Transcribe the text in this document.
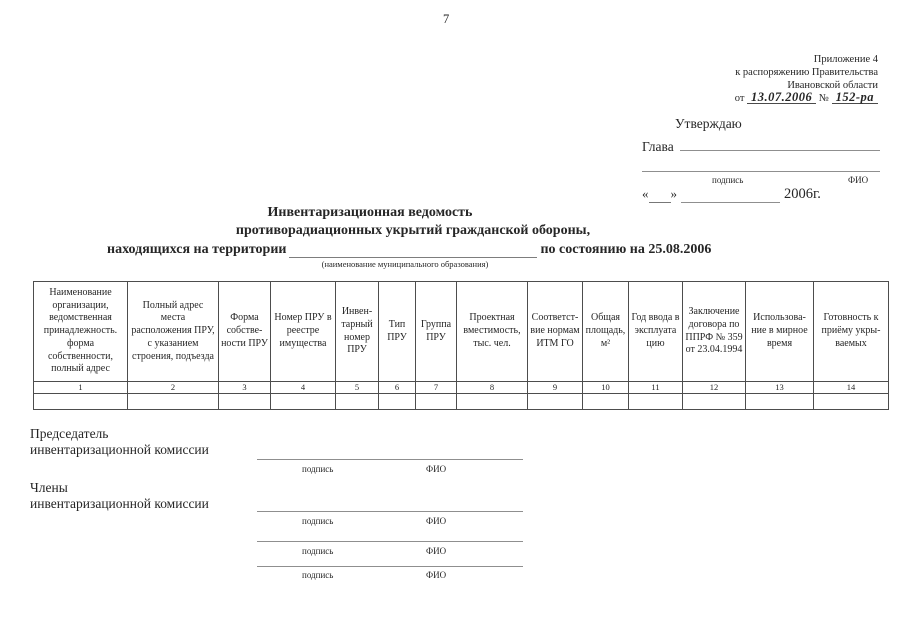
7
Приложение 4
к распоряжению Правительства
Ивановской области
от 13.07.2006 № 152-ра
Утверждаю
Глава
подпись	ФИО
« »	2006г.
Инвентаризационная ведомость
противорадиационных укрытий гражданской обороны,
находящихся на территории	по состоянию на 25.08.2006
(наименование муниципального образования)
Наименование организации, ведомственная принадлежность. форма собственности, полный адрес	Полный адрес места расположения ПРУ, с указанием строения, подъезда	Форма собстве-ности ПРУ	Номер ПРУ в реестре имущества	Инвен-тарный номер ПРУ	Тип ПРУ	Группа ПРУ	Проектная вместимость, тыс. чел.	Соответст-вие нормам ИТМ ГО	Общая площадь, м²	Год ввода в эксплуата цию	Заключение договора по ППРФ № 359 от 23.04.1994	Использова-ние в мирное время	Готовность к приёму укры-ваемых
1	2	3	4	5	6	7	8	9	10	11	12	13	14

Председатель
инвентаризационной комиссии
подпись	ФИО
Члены
инвентаризационной комиссии
подпись	ФИО
подпись	ФИО
подпись	ФИО
